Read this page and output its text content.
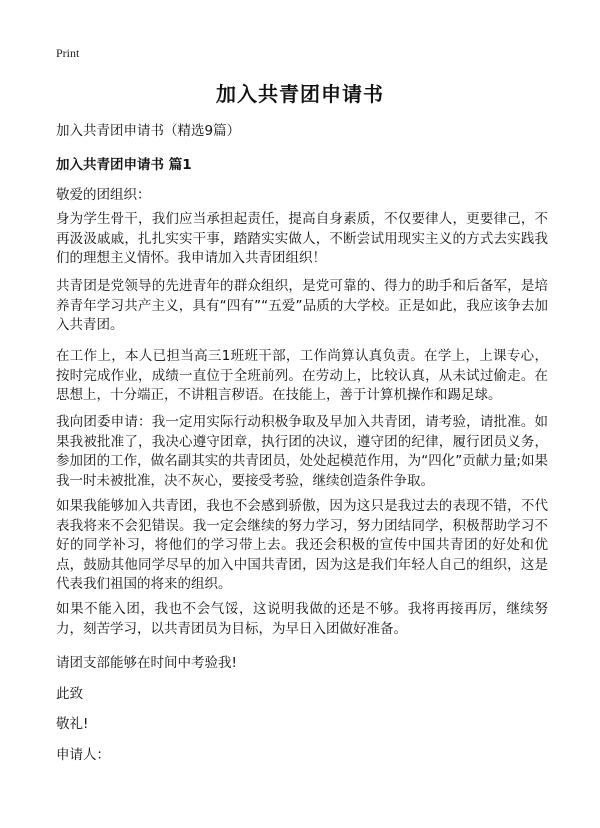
Print
加入共青团申请书

加入共青团申请书（精选9篇）

加入共青团申请书 篇1

敬爱的团组织：

身为学生骨干，我们应当承担起责任，提高自身素质，不仅要律人，更要律己，不再汲汲戚戚，扎扎实实干事，踏踏实实做人，不断尝试用现实主义的方式去实践我们的理想主义情怀。我申请加入共青团组织！

共青团是党领导的先进青年的群众组织，是党可靠的、得力的助手和后备军，是培养青年学习共产主义，具有“四有”“五爱”品质的大学校。正是如此，我应该争去加入共青团。

在工作上，本人已担当高三1班班干部，工作尚算认真负责。在学上，上课专心，按时完成作业，成绩一直位于全班前列。在劳动上，比较认真，从未试过偷走。在思想上，十分端正，不讲粗言秽语。在技能上，善于计算机操作和踢足球。

我向团委申请：我一定用实际行动积极争取及早加入共青团，请考验，请批准。如果我被批准了，我决心遵守团章，执行团的决议，遵守团的纪律，履行团员义务，参加团的工作，做名副其实的共青团员，处处起模范作用，为“四化”贡献力量;如果我一时未被批准，决不灰心，要接受考验，继续创造条件争取。

如果我能够加入共青团，我也不会感到骄傲，因为这只是我过去的表现不错，不代表我将来不会犯错误。我一定会继续的努力学习，努力团结同学，积极帮助学习不好的同学补习，将他们的学习带上去。我还会积极的宣传中国共青团的好处和优点，鼓励其他同学尽早的加入中国共青团，因为这是我们年轻人自己的组织，这是代表我们祖国的将来的组织。

如果不能入团，我也不会气馁，这说明我做的还是不够。我将再接再厉，继续努力，刻苦学习，以共青团员为目标，为早日入团做好准备。

请团支部能够在时间中考验我!

此致

敬礼!

申请人：
